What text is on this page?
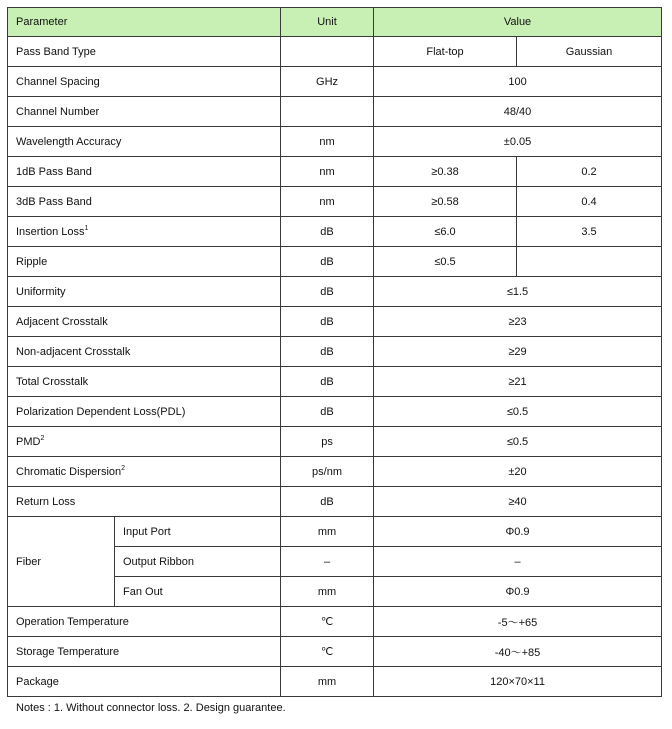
Parameter		Unit	Value	
Pass Band Type			Flat-top	Gaussian
Channel Spacing		GHz	100	
Channel Number			48/40	
Wavelength Accuracy		nm	±0.05	
1dB Pass Band		nm	≥0.38	0.2
3dB Pass Band		nm	≥0.58	0.4
Insertion Loss$^1$		dB	≤6.0	3.5
Ripple		dB	≤0.5	
Uniformity		dB	≤1.5	
Adjacent Crosstalk		dB	≥23	
Non-adjacent Crosstalk		dB	≥29	
Total Crosstalk		dB	≥21	
Polarization Dependent Loss(PDL)		dB	≤0.5	
PMD$^2$		ps	≤0.5	
Chromatic Dispersion$^2$		ps/nm	±20	
Return Loss		dB	≥40	
Fiber	Input Port	mm	Φ0.9	
	Output Ribbon	–	–	
	Fan Out	mm	Φ0.9	
Operation Temperature		℃	-5～+65	
Storage Temperature		℃	-40～+85	
Package		mm	120×70×11	
Notes : 1. Without connector loss. 2. Design guarantee.
